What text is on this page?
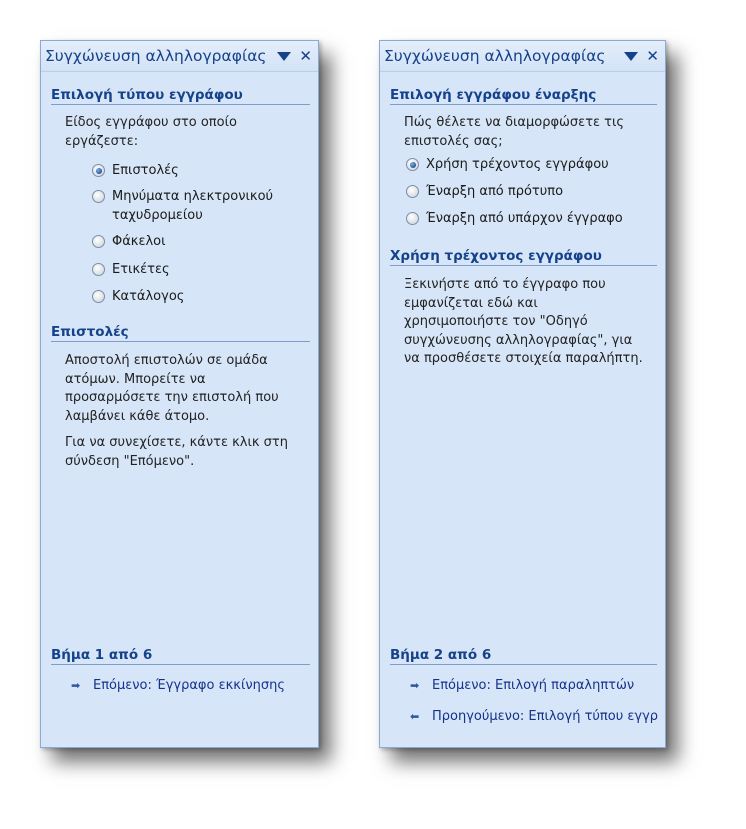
Συγχώνευση αλληλογραφίας	✕
Επιλογή τύπου εγγράφου
Είδος εγγράφου στο οποίο εργάζεστε:
Επιστολές
Μηνύματα ηλεκτρονικού ταχυδρομείου
Φάκελοι
Ετικέτες
Κατάλογος
Επιστολές
Αποστολή επιστολών σε ομάδα ατόμων. Μπορείτε να προσαρμόσετε την επιστολή που λαμβάνει κάθε άτομο.
Για να συνεχίσετε, κάντε κλικ στη σύνδεση "Επόμενο".
Βήμα 1 από 6
➡ Επόμενο: Έγγραφο εκκίνησης
Συγχώνευση αλληλογραφίας	✕
Επιλογή εγγράφου έναρξης
Πώς θέλετε να διαμορφώσετε τις επιστολές σας;
Χρήση τρέχοντος εγγράφου
Έναρξη από πρότυπο
Έναρξη από υπάρχον έγγραφο
Χρήση τρέχοντος εγγράφου
Ξεκινήστε από το έγγραφο που εμφανίζεται εδώ και χρησιμοποιήστε τον "Οδηγό συγχώνευσης αλληλογραφίας", για να προσθέσετε στοιχεία παραλήπτη.
Βήμα 2 από 6
➡ Επόμενο: Επιλογή παραληπτών
⬅ Προηγούμενο: Επιλογή τύπου εγγρ
